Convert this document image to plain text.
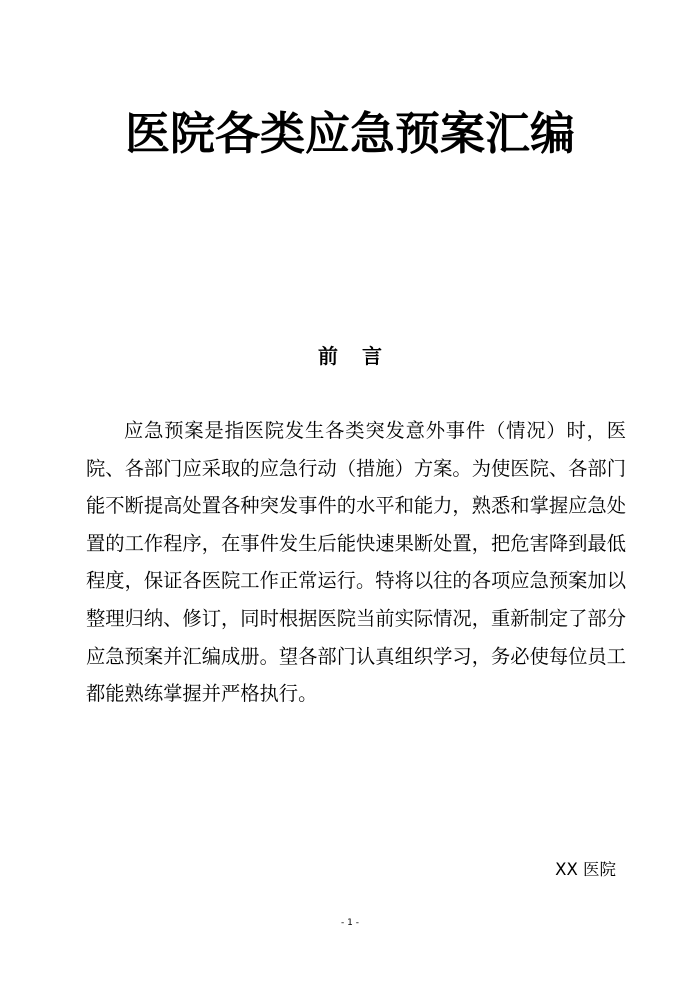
医院各类应急预案汇编
前 言

应急预案是指医院发生各类突发意外事件（情况）时，医院、各部门应采取的应急行动（措施）方案。为使医院、各部门能不断提高处置各种突发事件的水平和能力，熟悉和掌握应急处置的工作程序，在事件发生后能快速果断处置，把危害降到最低程度，保证各医院工作正常运行。特将以往的各项应急预案加以整理归纳、修订，同时根据医院当前实际情况，重新制定了部分应急预案并汇编成册。望各部门认真组织学习，务必使每位员工都能熟练掌握并严格执行。

XX 医院
- 1 -
